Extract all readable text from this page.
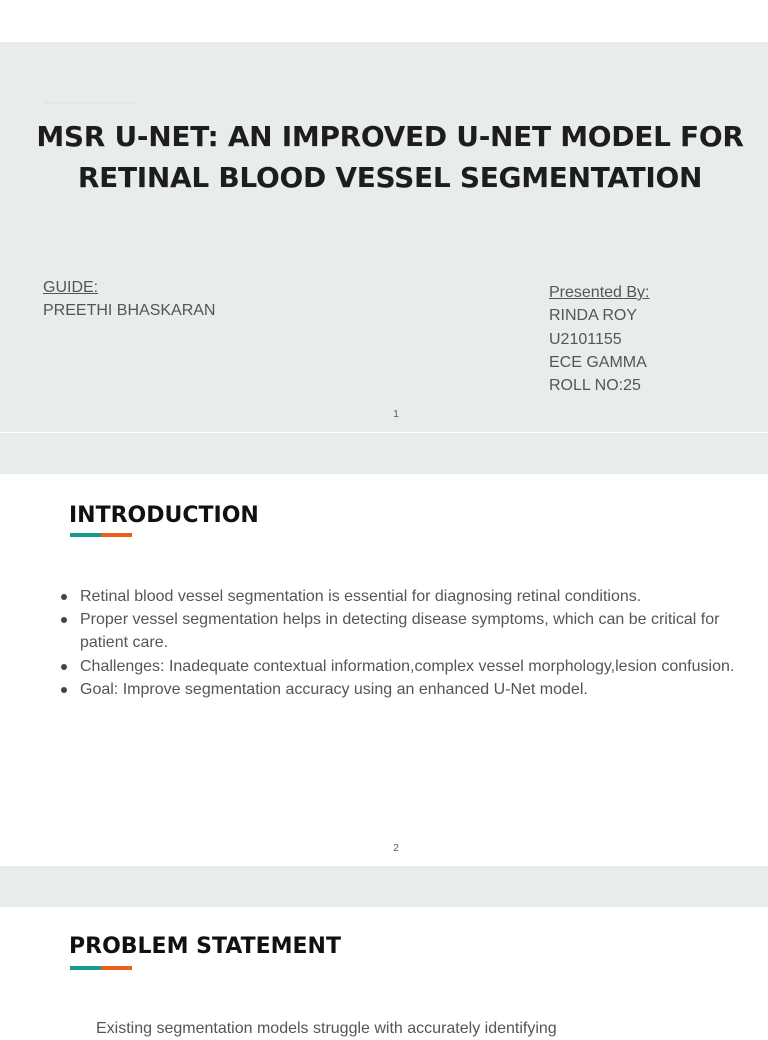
MSR U-NET: AN IMPROVED U-NET MODEL FOR RETINAL BLOOD VESSEL SEGMENTATION
GUIDE:
PREETHI BHASKARAN
Presented By:
RINDA ROY
U2101155
ECE GAMMA
ROLL NO:25
1
INTRODUCTION
Retinal blood vessel segmentation is essential for diagnosing retinal conditions.
Proper vessel segmentation helps in detecting disease symptoms, which can be critical for patient care.
Challenges: Inadequate contextual information,complex vessel morphology,lesion confusion.
Goal: Improve segmentation accuracy using an enhanced U-Net model.
2
PROBLEM STATEMENT
Existing segmentation models struggle with accurately identifying
